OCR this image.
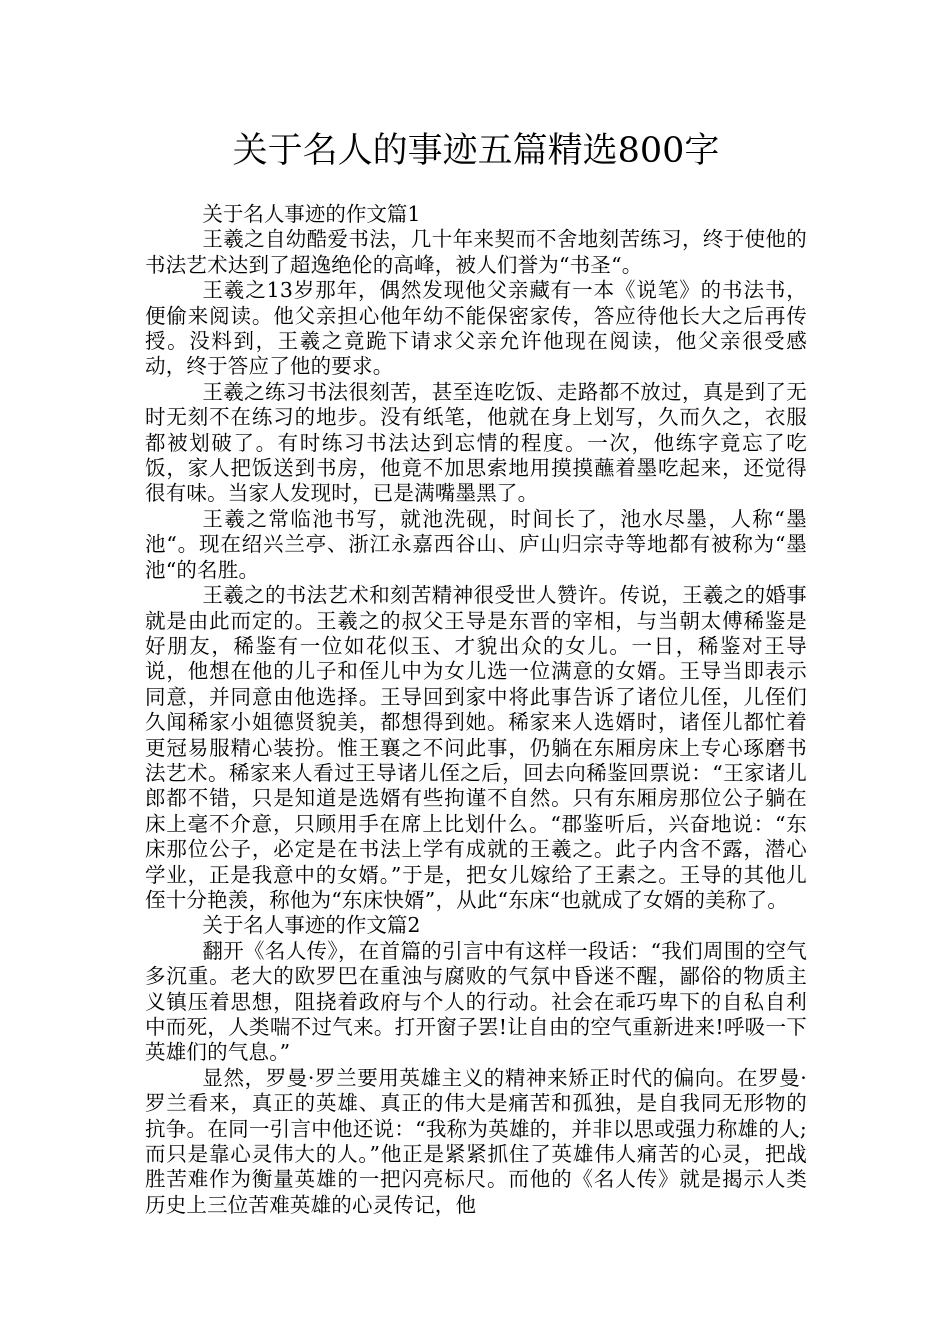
关于名人的事迹五篇精选800字

关于名人事迹的作文篇1

王羲之自幼酷爱书法，几十年来契而不舍地刻苦练习，终于使他的书法艺术达到了超逸绝伦的高峰，被人们誉为“书圣“。

王羲之13岁那年，偶然发现他父亲藏有一本《说笔》的书法书，便偷来阅读。他父亲担心他年幼不能保密家传，答应待他长大之后再传授。没料到，王羲之竟跪下请求父亲允许他现在阅读，他父亲很受感动，终于答应了他的要求。

王羲之练习书法很刻苦，甚至连吃饭、走路都不放过，真是到了无时无刻不在练习的地步。没有纸笔，他就在身上划写，久而久之，衣服都被划破了。有时练习书法达到忘情的程度。一次，他练字竟忘了吃饭，家人把饭送到书房，他竟不加思索地用摸摸蘸着墨吃起来，还觉得很有味。当家人发现时，已是满嘴墨黑了。

王羲之常临池书写，就池洗砚，时间长了，池水尽墨，人称“墨池“。现在绍兴兰亭、浙江永嘉西谷山、庐山归宗寺等地都有被称为“墨池“的名胜。

王羲之的书法艺术和刻苦精神很受世人赞许。传说，王羲之的婚事就是由此而定的。王羲之的叔父王导是东晋的宰相，与当朝太傅稀鉴是好朋友，稀鉴有一位如花似玉、才貌出众的女儿。一日，稀鉴对王导说，他想在他的儿子和侄儿中为女儿选一位满意的女婿。王导当即表示同意，并同意由他选择。王导回到家中将此事告诉了诸位儿侄，儿侄们久闻稀家小姐德贤貌美，都想得到她。稀家来人选婿时，诸侄儿都忙着更冠易服精心装扮。惟王襄之不问此事，仍躺在东厢房床上专心琢磨书法艺术。稀家来人看过王导诸儿侄之后，回去向稀鉴回票说：“王家诸儿郎都不错，只是知道是选婿有些拘谨不自然。只有东厢房那位公子躺在床上毫不介意，只顾用手在席上比划什么。“郡鉴听后，兴奋地说：“东床那位公子，必定是在书法上学有成就的王羲之。此子内含不露，潜心学业，正是我意中的女婿。”于是，把女儿嫁给了王素之。王导的其他儿侄十分艳羡，称他为“东床快婿”，从此“东床“也就成了女婿的美称了。

关于名人事迹的作文篇2

翻开《名人传》，在首篇的引言中有这样一段话：“我们周围的空气多沉重。老大的欧罗巴在重浊与腐败的气氛中昏迷不醒，鄙俗的物质主义镇压着思想，阻挠着政府与个人的行动。社会在乖巧卑下的自私自利中而死，人类喘不过气来。打开窗子罢!让自由的空气重新进来!呼吸一下英雄们的气息。”

显然，罗曼·罗兰要用英雄主义的精神来矫正时代的偏向。在罗曼·罗兰看来，真正的英雄、真正的伟大是痛苦和孤独，是自我同无形物的抗争。在同一引言中他还说：“我称为英雄的，并非以思或强力称雄的人;而只是靠心灵伟大的人。”他正是紧紧抓住了英雄伟人痛苦的心灵，把战胜苦难作为衡量英雄的一把闪亮标尺。而他的《名人传》就是揭示人类历史上三位苦难英雄的心灵传记，他
